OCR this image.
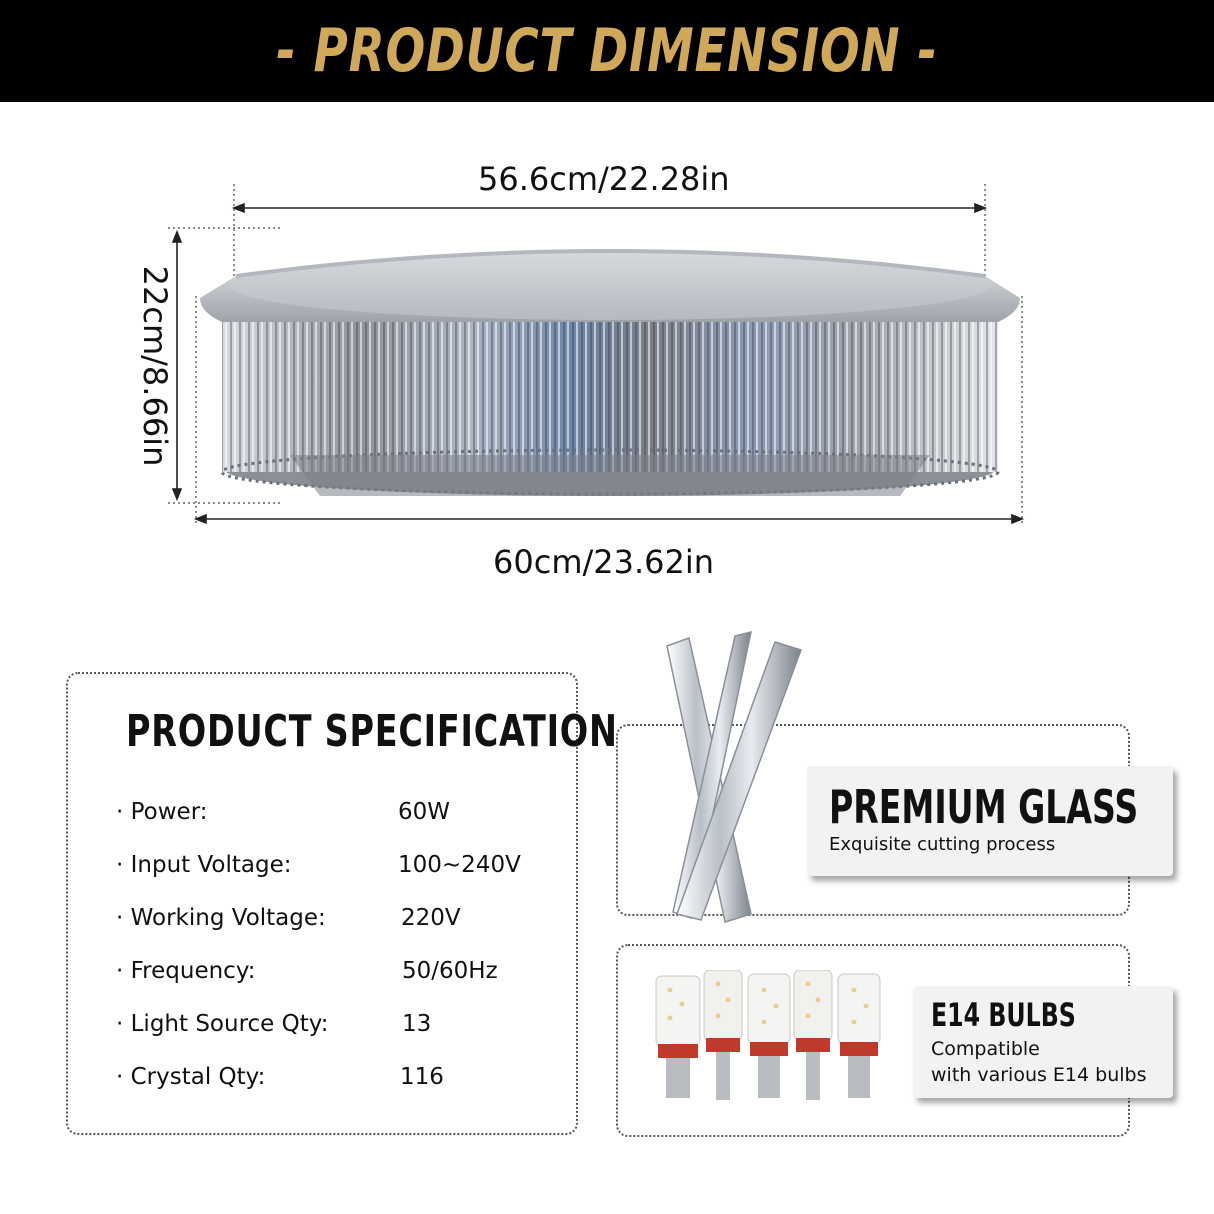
- PRODUCT DIMENSION -
56.6cm/22.28in
60cm/23.62in
22cm/8.66in
PRODUCT SPECIFICATION
· Power:	60W
· Input Voltage:	100~240V
· Working Voltage:	220V
· Frequency:	50/60Hz
· Light Source Qty:	13
· Crystal Qty:	116
PREMIUM GLASS
Exquisite cutting process
E14 BULBS
Compatible
with various E14 bulbs
